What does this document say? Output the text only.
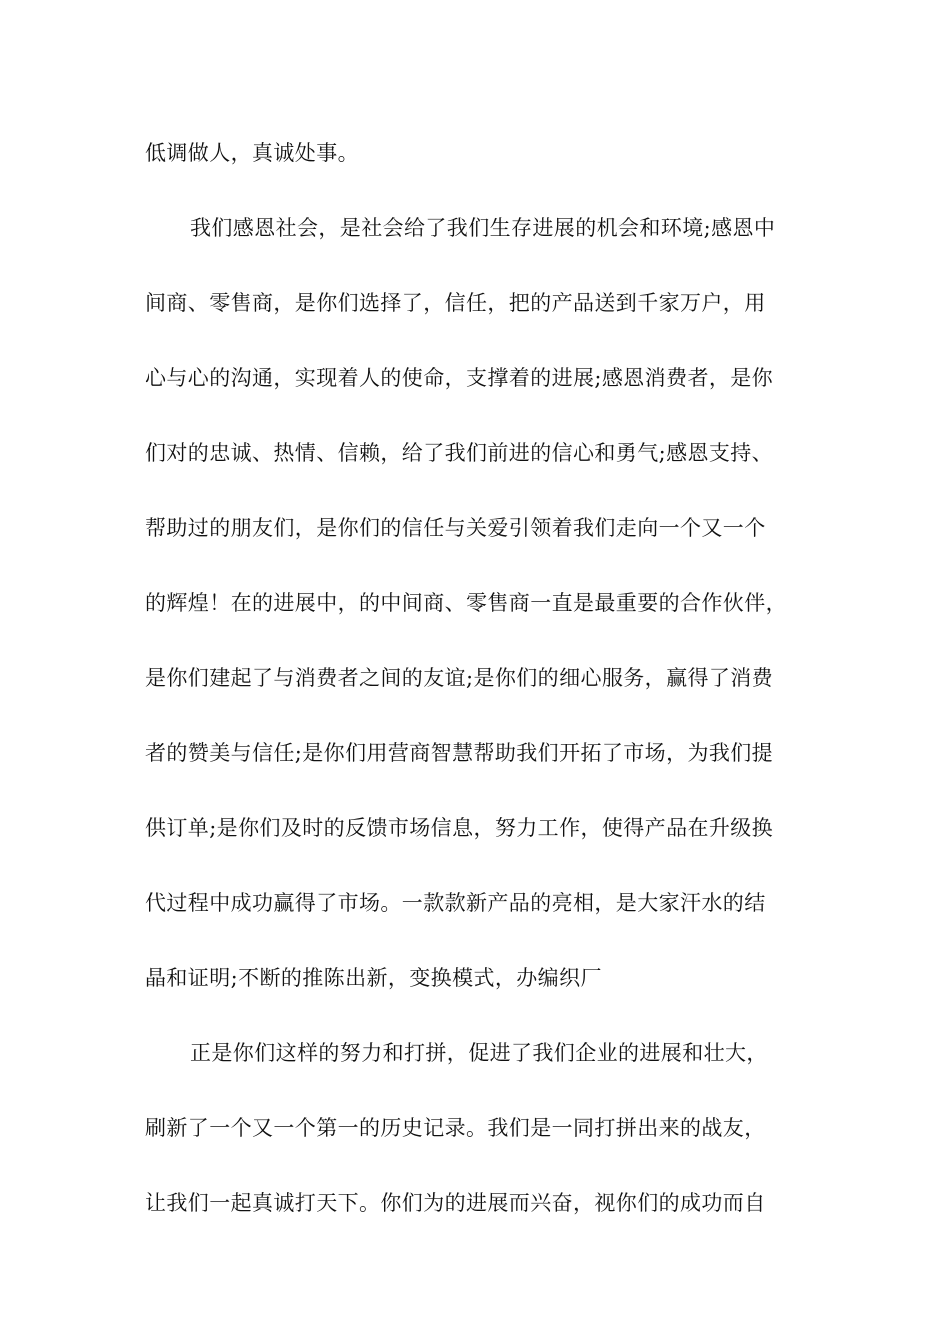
低调做人，真诚处事。
我们感恩社会，是社会给了我们生存进展的机会和环境;感恩中
间商、零售商，是你们选择了，信任，把的产品送到千家万户，用
心与心的沟通，实现着人的使命，支撑着的进展;感恩消费者，是你
们对的忠诚、热情、信赖，给了我们前进的信心和勇气;感恩支持、
帮助过的朋友们，是你们的信任与关爱引领着我们走向一个又一个
的辉煌！在的进展中，的中间商、零售商一直是最重要的合作伙伴，
是你们建起了与消费者之间的友谊;是你们的细心服务，赢得了消费
者的赞美与信任;是你们用营商智慧帮助我们开拓了市场，为我们提
供订单;是你们及时的反馈市场信息，努力工作，使得产品在升级换
代过程中成功赢得了市场。一款款新产品的亮相，是大家汗水的结
晶和证明;不断的推陈出新，变换模式，办编织厂
正是你们这样的努力和打拼，促进了我们企业的进展和壮大，
刷新了一个又一个第一的历史记录。我们是一同打拼出来的战友，
让我们一起真诚打天下。你们为的进展而兴奋，视你们的成功而自
